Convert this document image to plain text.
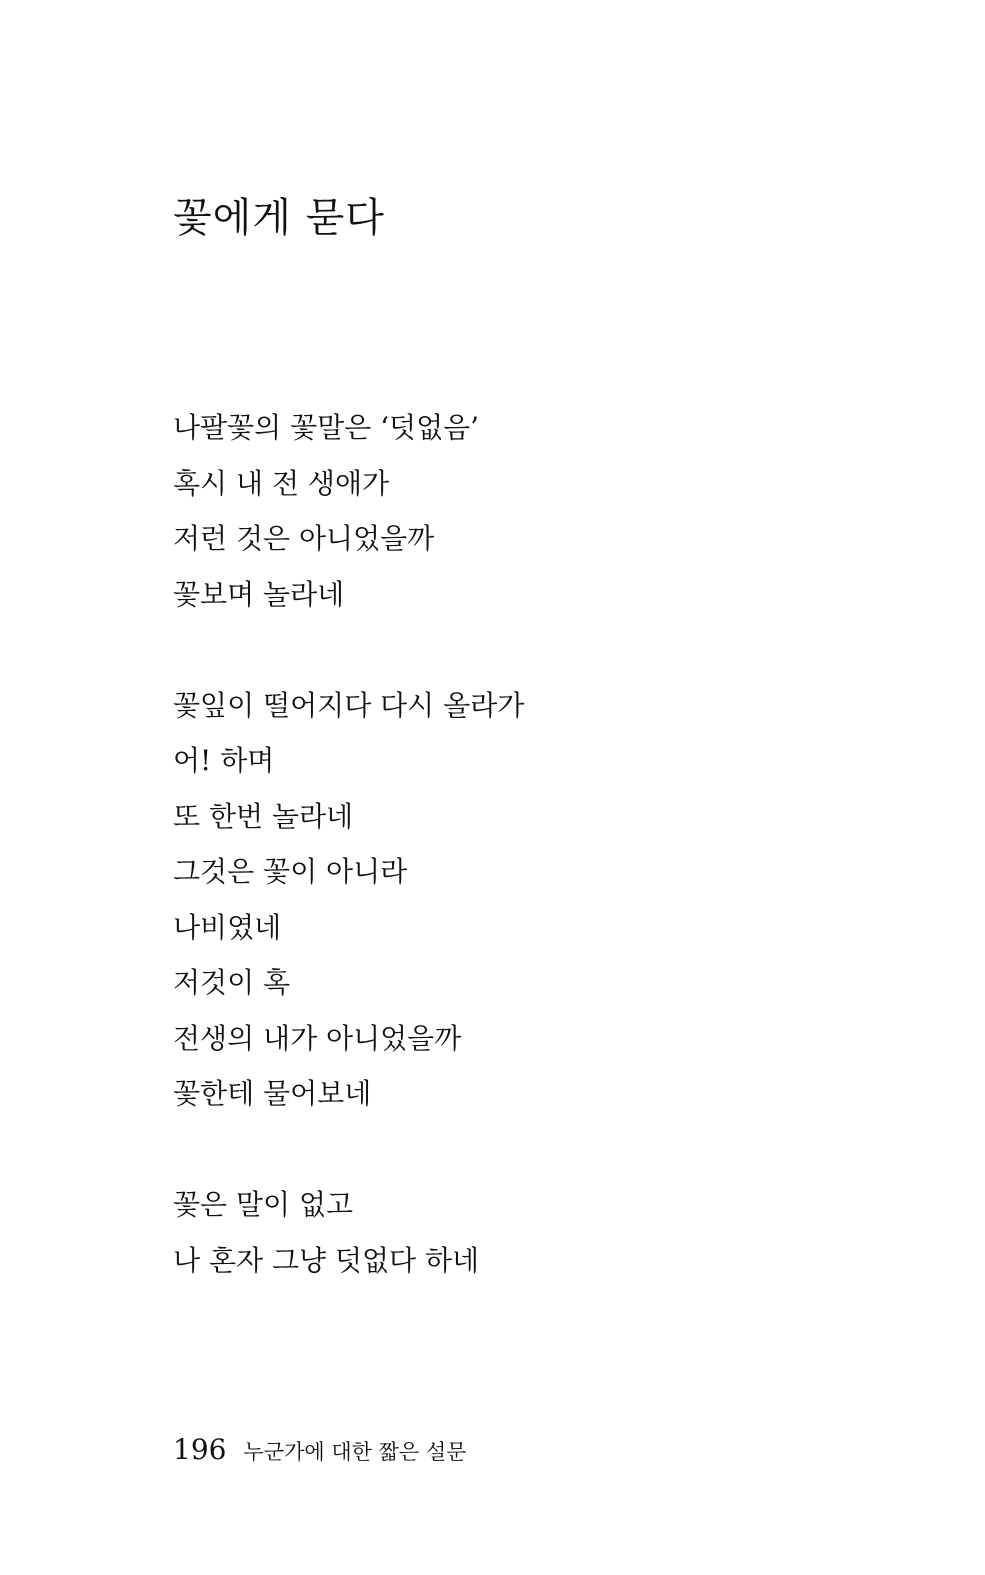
꽃에게 묻다
나팔꽃의 꽃말은 ‘덧없음’
혹시 내 전 생애가
저런 것은 아니었을까
꽃보며 놀라네
꽃잎이 떨어지다 다시 올라가
어! 하며
또 한번 놀라네
그것은 꽃이 아니라
나비였네
저것이 혹
전생의 내가 아니었을까
꽃한테 물어보네
꽃은 말이 없고
나 혼자 그냥 덧없다 하네
196 누군가에 대한 짧은 설문
